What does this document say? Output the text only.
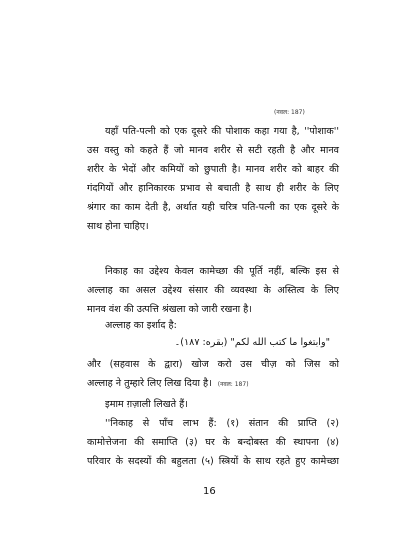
(नवल: 187)
यहाँ पति-पत्नी को एक दूसरे की पोशाक कहा गया है, ''पोशाक''
उस वस्तु को कहते हैं जो मानव शरीर से सटी रहती है और मानव
शरीर के भेदों और कमियों को छुपाती है। मानव शरीर को बाहर की
गंदगियों और हानिकारक प्रभाव से बचाती है साथ ही शरीर के लिए
श्रंगार का काम देती है, अर्थात यही चरित्र पति-पत्नी का एक दूसरे के
साथ होना चाहिए।
निकाह का उद्देश्य केवल कामेच्छा की पूर्ति नहीं, बल्कि इस से
अल्लाह का असल उद्देश्य संसार की व्यवस्था के अस्तित्व के लिए
मानव वंश की उत्पत्ति श्रंखला को जारी रखना है।
अल्लाह का इर्शाद है:
"وابتغوا ما كتب الله لكم" (بقره: ١٨٧)۔
और (सहवास के द्वारा) खोज करो उस चीज़ को जिस को
अल्लाह ने तुम्हारे लिए लिख दिया है। (नवल: 187)
इमाम ग़ज़ाली लिखते हैं।
''निकाह से पाँच लाभ हैं: (१) संतान की प्राप्ति (२)
कामोत्तेजना की समाप्ति (३) घर के बन्दोबस्त की स्थापना (४)
परिवार के सदस्यों की बहुलता (५) स्त्रियों के साथ रहते हुए कामेच्छा
16
